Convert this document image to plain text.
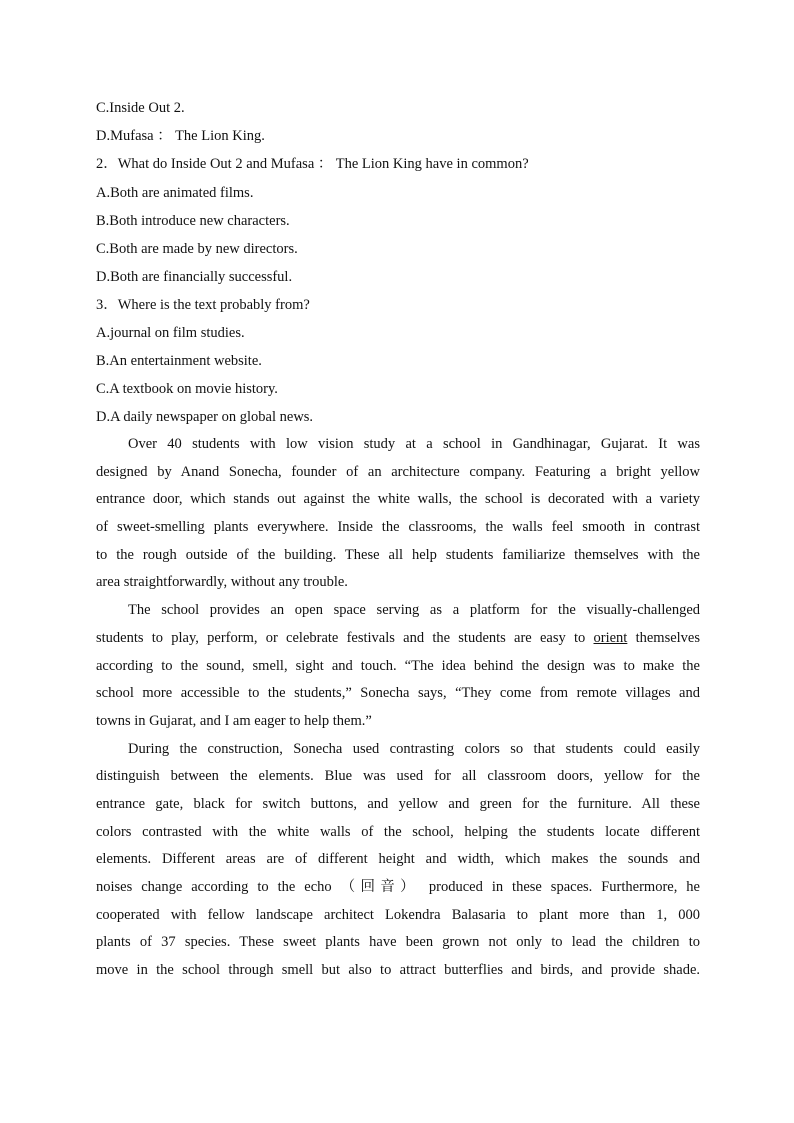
C.Inside Out 2.

D.Mufasa ： The Lion King.

2．What do Inside Out 2 and Mufasa ： The Lion King have in common?

A.Both are animated films.

B.Both introduce new characters.

C.Both are made by new directors.

D.Both are financially successful.

3．Where is the text probably from?

A.journal on film studies.

B.An entertainment website.

C.A textbook on movie history.

D.A daily newspaper on global news.

Over 40 students with low vision study at a school in Gandhinagar, Gujarat. It was
designed by Anand Sonecha, founder of an architecture company. Featuring a bright yellow
entrance door, which stands out against the white walls, the school is decorated with a variety
of sweet-smelling plants everywhere. Inside the classrooms, the walls feel smooth in contrast
to the rough outside of the building. These all help students familiarize themselves with the
area straightforwardly, without any trouble.
The school provides an open space serving as a platform for the visually-challenged
students to play, perform, or celebrate festivals and the students are easy to orient themselves
according to the sound, smell, sight and touch. “The idea behind the design was to make the
school more accessible to the students,” Sonecha says, “They come from remote villages and
towns in Gujarat, and I am eager to help them.”
During the construction, Sonecha used contrasting colors so that students could easily
distinguish between the elements. Blue was used for all classroom doors, yellow for the
entrance gate, black for switch buttons, and yellow and green for the furniture. All these
colors contrasted with the white walls of the school, helping the students locate different
elements. Different areas are of different height and width, which makes the sounds and
noises change according to the echo （回音） produced in these spaces. Furthermore, he
cooperated with fellow landscape architect Lokendra Balasaria to plant more than 1, 000
plants of 37 species. These sweet plants have been grown not only to lead the children to
move in the school through smell but also to attract butterflies and birds, and provide shade.
